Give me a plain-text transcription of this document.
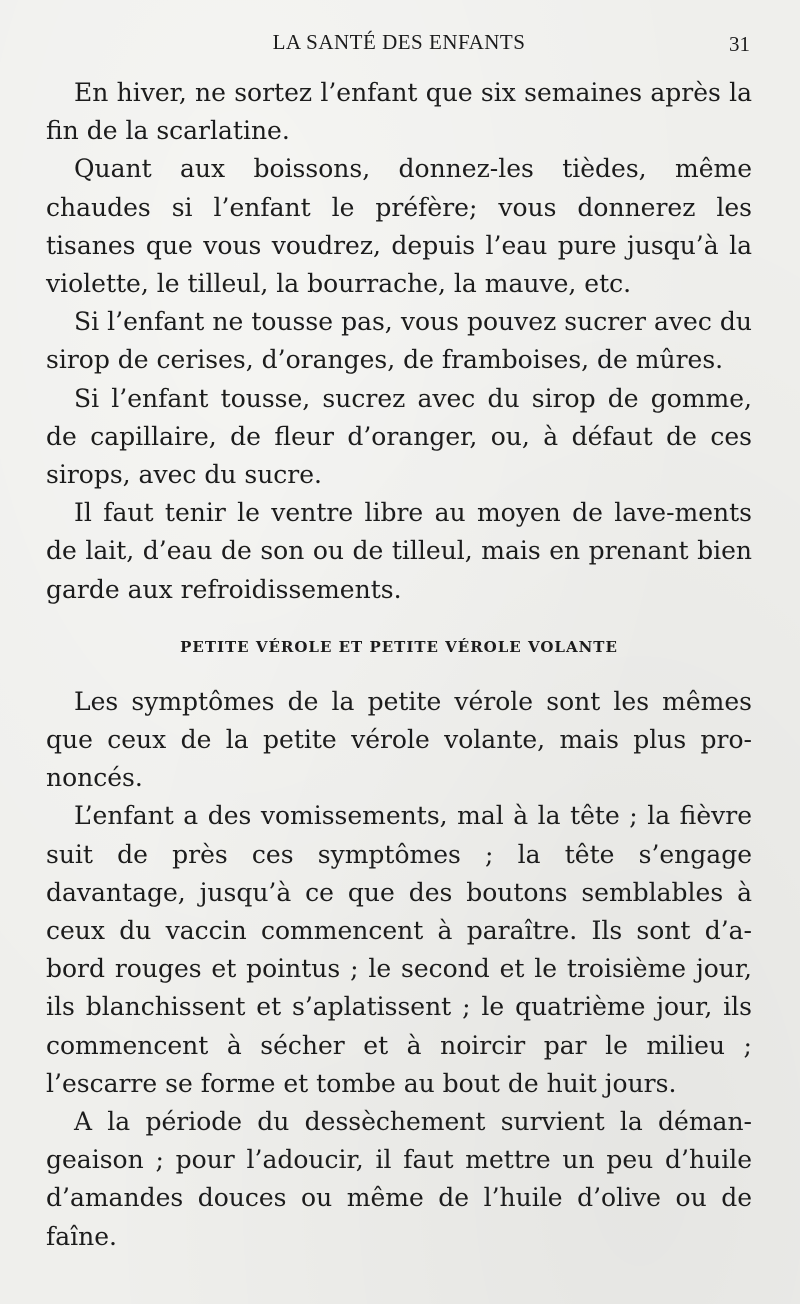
LA SANTÉ DES ENFANTS	31

En hiver, ne sortez l’enfant que six semaines après la fin de la scarlatine.

Quant aux boissons, donnez-les tièdes, même chaudes si l’enfant le préfère; vous donnerez les tisanes que vous voudrez, depuis l’eau pure jusqu’à la violette, le tilleul, la bourrache, la mauve, etc.

Si l’enfant ne tousse pas, vous pouvez sucrer avec du sirop de cerises, d’oranges, de framboises, de mûres.

Si l’enfant tousse, sucrez avec du sirop de gomme, de capillaire, de fleur d’oranger, ou, à défaut de ces sirops, avec du sucre.

Il faut tenir le ventre libre au moyen de lave-ments de lait, d’eau de son ou de tilleul, mais en prenant bien garde aux refroidissements.

PETITE VÉROLE ET PETITE VÉROLE VOLANTE

Les symptômes de la petite vérole sont les mêmes que ceux de la petite vérole volante, mais plus pro-noncés.

L’enfant a des vomissements, mal à la tête ; la fièvre suit de près ces symptômes ; la tête s’engage davantage, jusqu’à ce que des boutons semblables à ceux du vaccin commencent à paraître. Ils sont d’a-bord rouges et pointus ; le second et le troisième jour, ils blanchissent et s’aplatissent ; le quatrième jour, ils commencent à sécher et à noircir par le milieu ; l’escarre se forme et tombe au bout de huit jours.

A la période du dessèchement survient la déman-geaison ; pour l’adoucir, il faut mettre un peu d’huile d’amandes douces ou même de l’huile d’olive ou de faîne.
